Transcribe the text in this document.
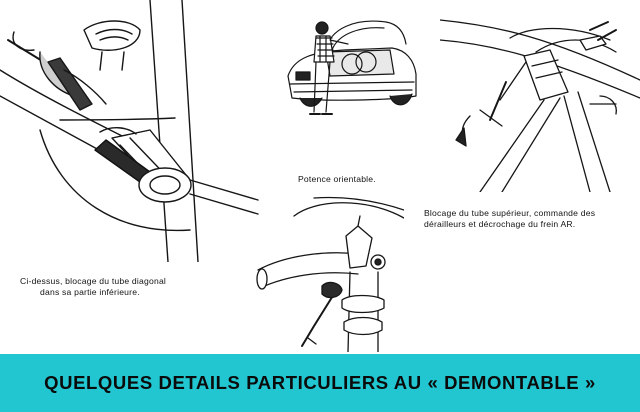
Ci-dessus, blocage du tube diagonal
dans sa partie inférieure.

Potence orientable.

Blocage du tube supérieur, commande des
dérailleurs et décrochage du frein AR.

QUELQUES DETAILS PARTICULIERS AU « DEMONTABLE »
